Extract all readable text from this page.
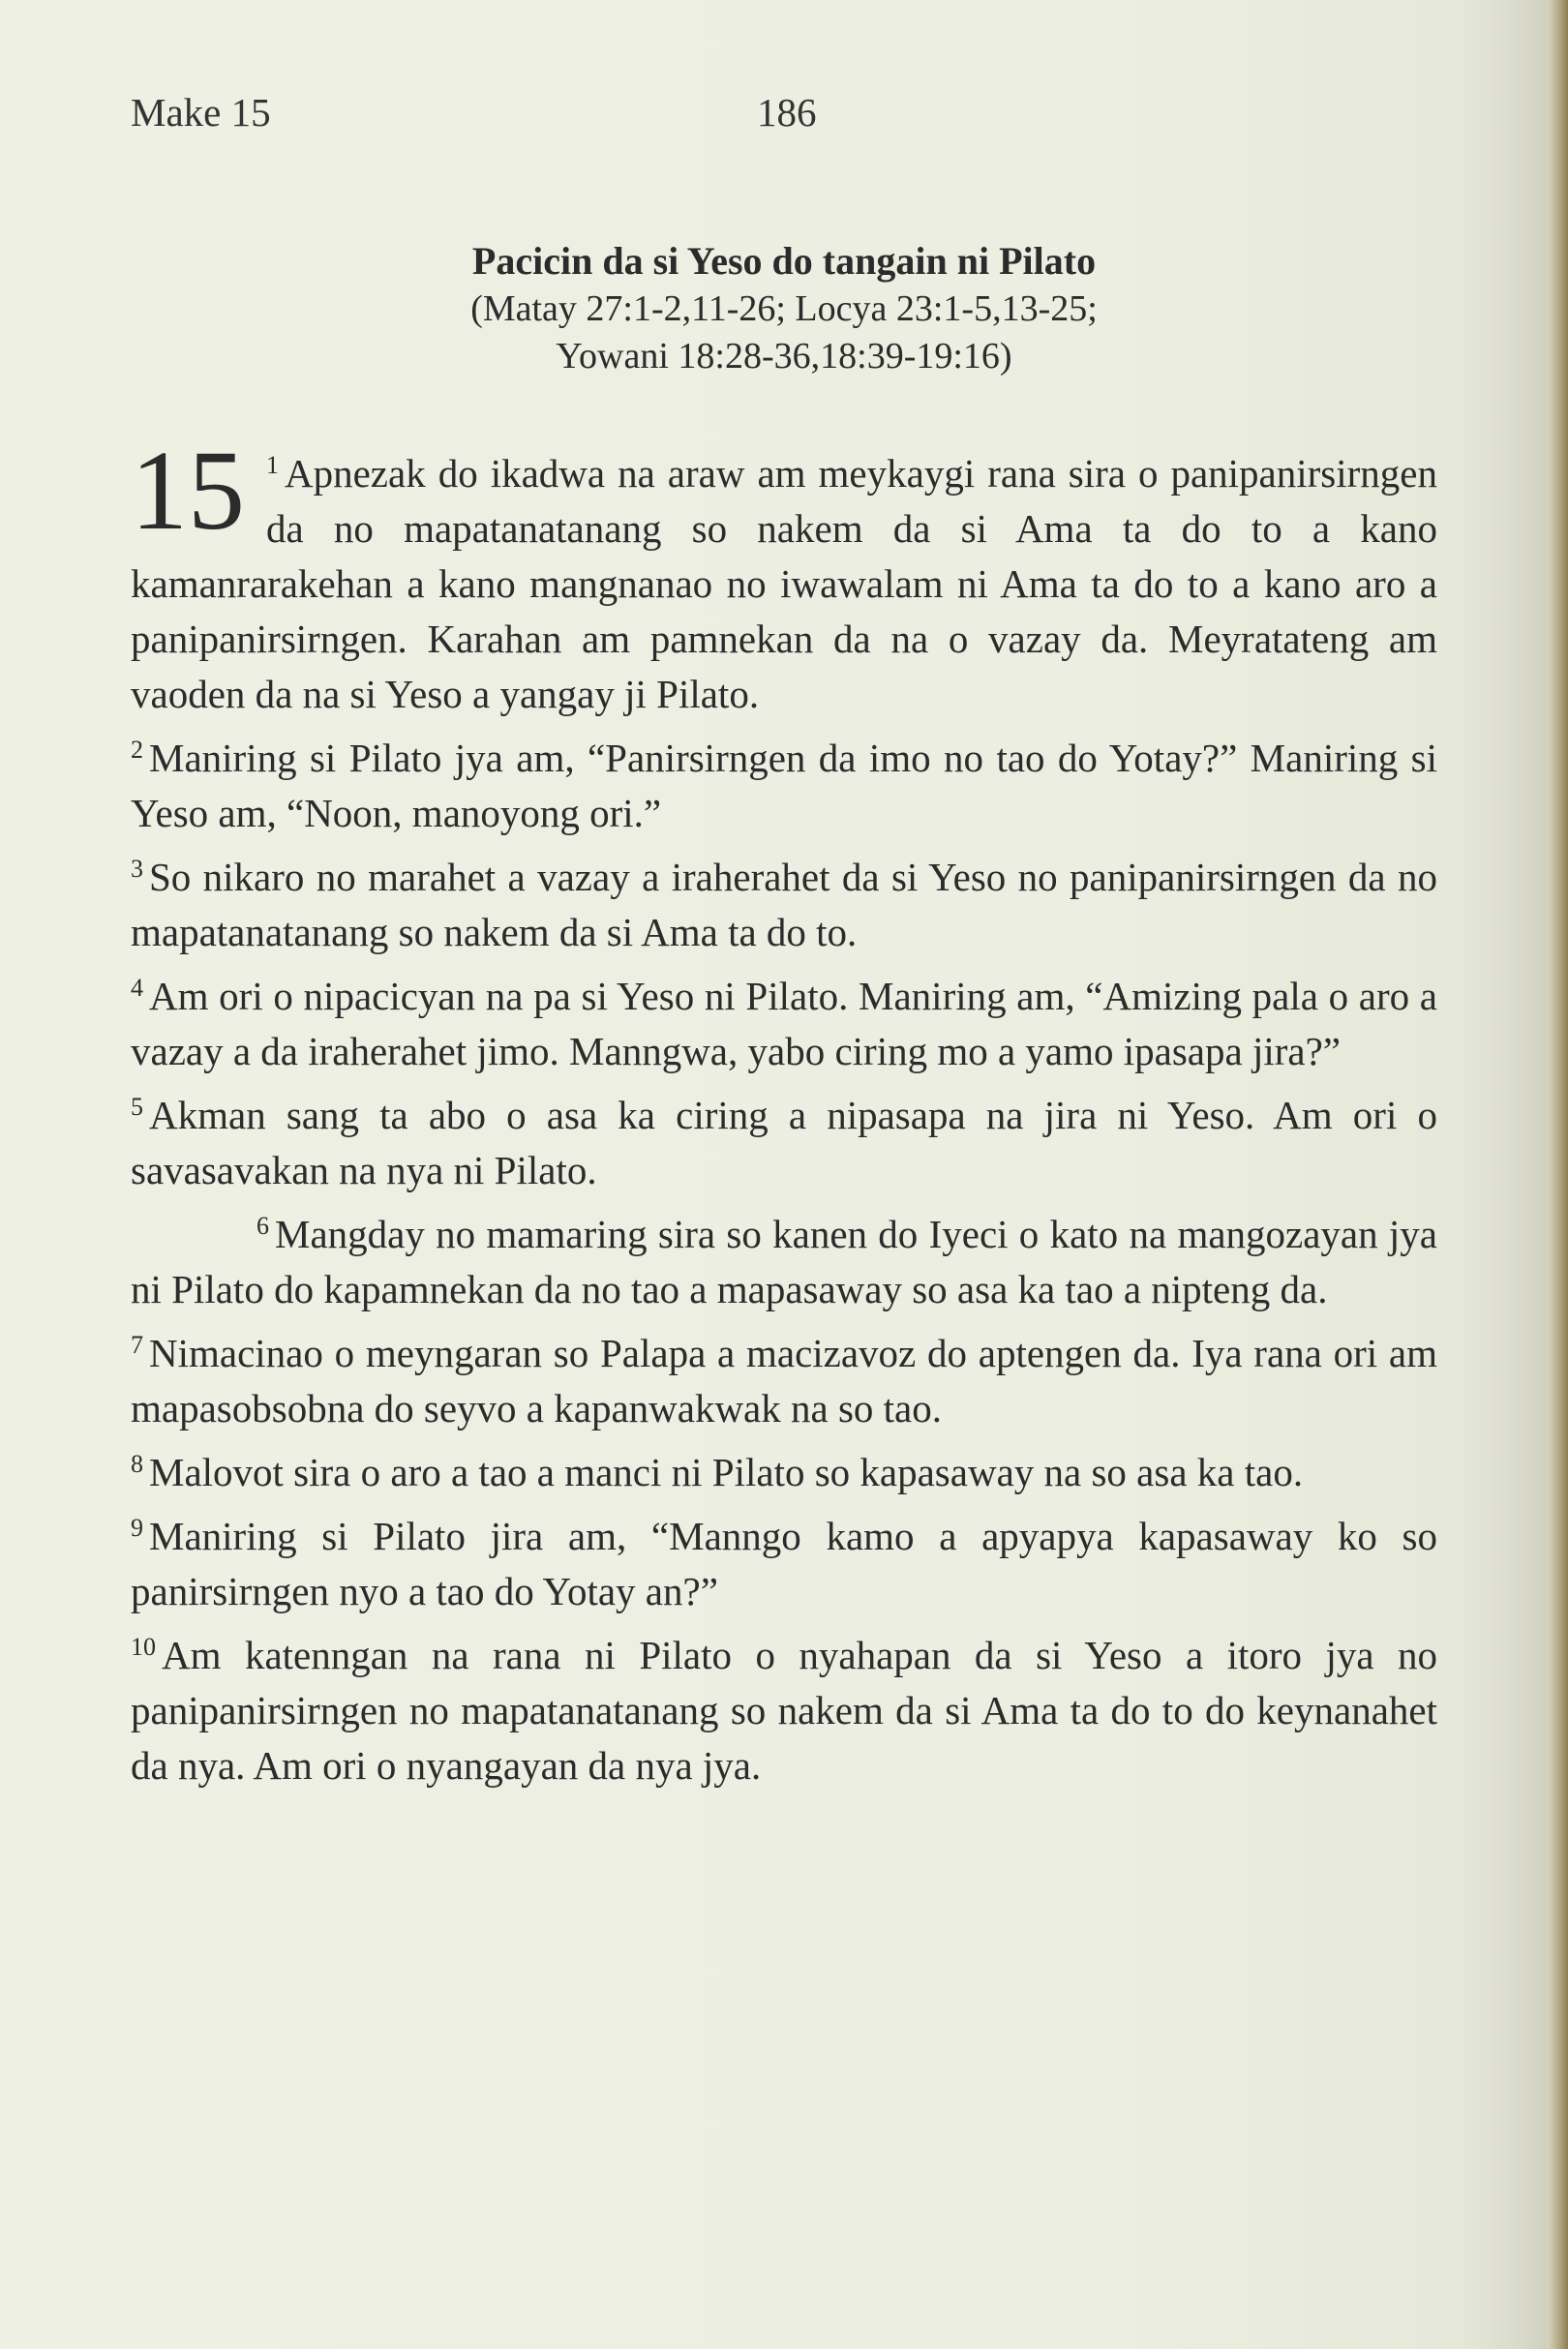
Make 15	186
Pacicin da si Yeso do tangain ni Pilato
(Matay 27:1-2,11-26; Locya 23:1-5,13-25;
Yowani 18:28-36,18:39-19:16)

15 $^1$ Apnezak do ikadwa na araw am meykaygi rana sira o panipanirsirngen da no mapatanatanang so nakem da si Ama ta do to a kano kamanrarakehan a kano mangnanao no iwawalam ni Ama ta do to a kano aro a panipanirsirngen. Karahan am pamnekan da na o vazay da. Meyratateng am vaoden da na si Yeso a yangay ji Pilato.

$^2$ Maniring si Pilato jya am, “Panirsirngen da imo no tao do Yotay?” Maniring si Yeso am, “Noon, manoyong ori.”

$^3$ So nikaro no marahet a vazay a iraherahet da si Yeso no panipanirsirngen da no mapatanatanang so nakem da si Ama ta do to.

$^4$ Am ori o nipacicyan na pa si Yeso ni Pilato. Maniring am, “Amizing pala o aro a vazay a da iraherahet jimo. Manngwa, yabo ciring mo a yamo ipasapa jira?”

$^5$ Akman sang ta abo o asa ka ciring a nipasapa na jira ni Yeso. Am ori o savasavakan na nya ni Pilato.

$^6$ Mangday no mamaring sira so kanen do Iyeci o kato na mangozayan jya ni Pilato do kapamnekan da no tao a mapasaway so asa ka tao a nipteng da.

$^7$ Nimacinao o meyngaran so Palapa a macizavoz do aptengen da. Iya rana ori am mapasobsobna do seyvo a kapanwakwak na so tao.

$^8$ Malovot sira o aro a tao a manci ni Pilato so kapasaway na so asa ka tao.

$^9$ Maniring si Pilato jira am, “Manngo kamo a apyapya kapasaway ko so panirsirngen nyo a tao do Yotay an?”

$^{10}$ Am katenngan na rana ni Pilato o nyahapan da si Yeso a itoro jya no panipanirsirngen no mapatanatanang so nakem da si Ama ta do to do keynanahet da nya. Am ori o nyangayan da nya jya.
